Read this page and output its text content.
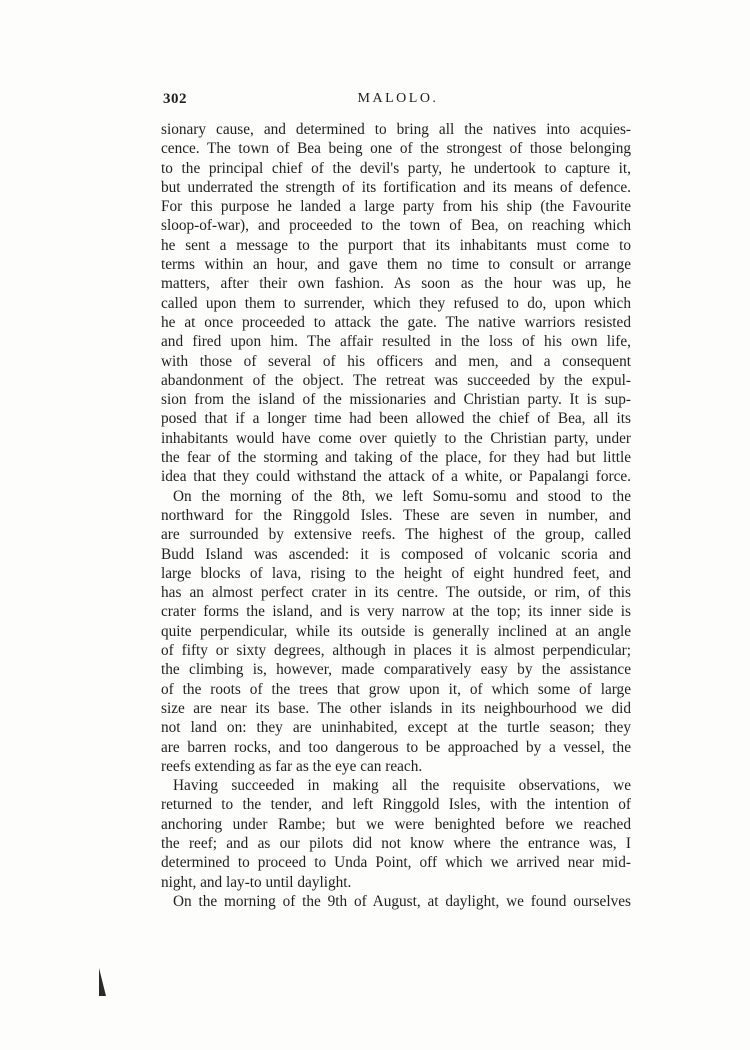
302	MALOLO.

sionary cause, and determined to bring all the natives into acquies-
cence. The town of Bea being one of the strongest of those belonging
to the principal chief of the devil's party, he undertook to capture it,
but underrated the strength of its fortification and its means of defence.
For this purpose he landed a large party from his ship (the Favourite
sloop-of-war), and proceeded to the town of Bea, on reaching which
he sent a message to the purport that its inhabitants must come to
terms within an hour, and gave them no time to consult or arrange
matters, after their own fashion. As soon as the hour was up, he
called upon them to surrender, which they refused to do, upon which
he at once proceeded to attack the gate. The native warriors resisted
and fired upon him. The affair resulted in the loss of his own life,
with those of several of his officers and men, and a consequent
abandonment of the object. The retreat was succeeded by the expul-
sion from the island of the missionaries and Christian party. It is sup-
posed that if a longer time had been allowed the chief of Bea, all its
inhabitants would have come over quietly to the Christian party, under
the fear of the storming and taking of the place, for they had but little
idea that they could withstand the attack of a white, or Papalangi force.

On the morning of the 8th, we left Somu-somu and stood to the
northward for the Ringgold Isles. These are seven in number, and
are surrounded by extensive reefs. The highest of the group, called
Budd Island was ascended: it is composed of volcanic scoria and
large blocks of lava, rising to the height of eight hundred feet, and
has an almost perfect crater in its centre. The outside, or rim, of this
crater forms the island, and is very narrow at the top; its inner side is
quite perpendicular, while its outside is generally inclined at an angle
of fifty or sixty degrees, although in places it is almost perpendicular;
the climbing is, however, made comparatively easy by the assistance
of the roots of the trees that grow upon it, of which some of large
size are near its base. The other islands in its neighbourhood we did
not land on: they are uninhabited, except at the turtle season; they
are barren rocks, and too dangerous to be approached by a vessel, the
reefs extending as far as the eye can reach.

Having succeeded in making all the requisite observations, we
returned to the tender, and left Ringgold Isles, with the intention of
anchoring under Rambe; but we were benighted before we reached
the reef; and as our pilots did not know where the entrance was, I
determined to proceed to Unda Point, off which we arrived near mid-
night, and lay-to until daylight.

On the morning of the 9th of August, at daylight, we found ourselves
